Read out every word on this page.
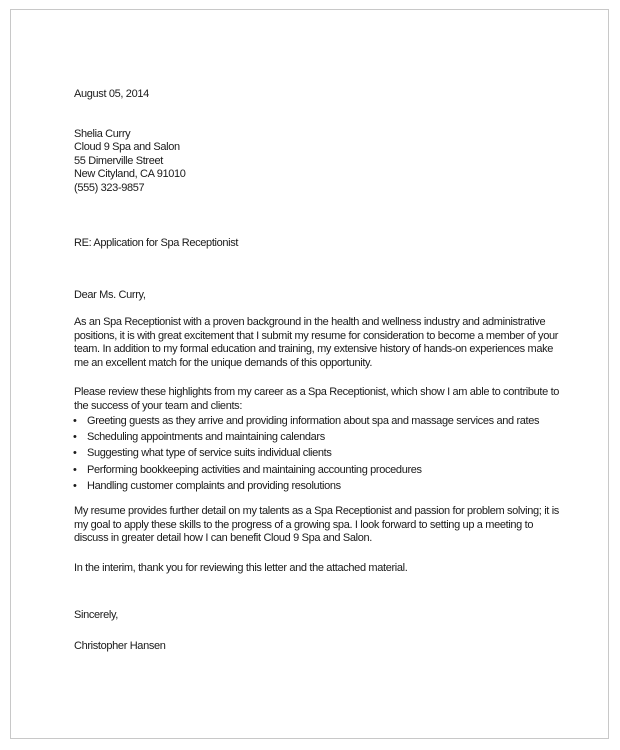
August 05, 2014

Shelia Curry
Cloud 9 Spa and Salon
55 Dimerville Street
New Cityland, CA 91010
(555) 323-9857

RE: Application for Spa Receptionist

Dear Ms. Curry,

As an Spa Receptionist with a proven background in the health and wellness industry and administrative positions, it is with great excitement that I submit my resume for consideration to become a member of your team. In addition to my formal education and training, my extensive history of hands-on experiences make me an excellent match for the unique demands of this opportunity.

Please review these highlights from my career as a Spa Receptionist, which show I am able to contribute to the success of your team and clients:

• Greeting guests as they arrive and providing information about spa and massage services and rates
• Scheduling appointments and maintaining calendars
• Suggesting what type of service suits individual clients
• Performing bookkeeping activities and maintaining accounting procedures
• Handling customer complaints and providing resolutions

My resume provides further detail on my talents as a Spa Receptionist and passion for problem solving; it is my goal to apply these skills to the progress of a growing spa. I look forward to setting up a meeting to discuss in greater detail how I can benefit Cloud 9 Spa and Salon.

In the interim, thank you for reviewing this letter and the attached material.

Sincerely,

Christopher Hansen
